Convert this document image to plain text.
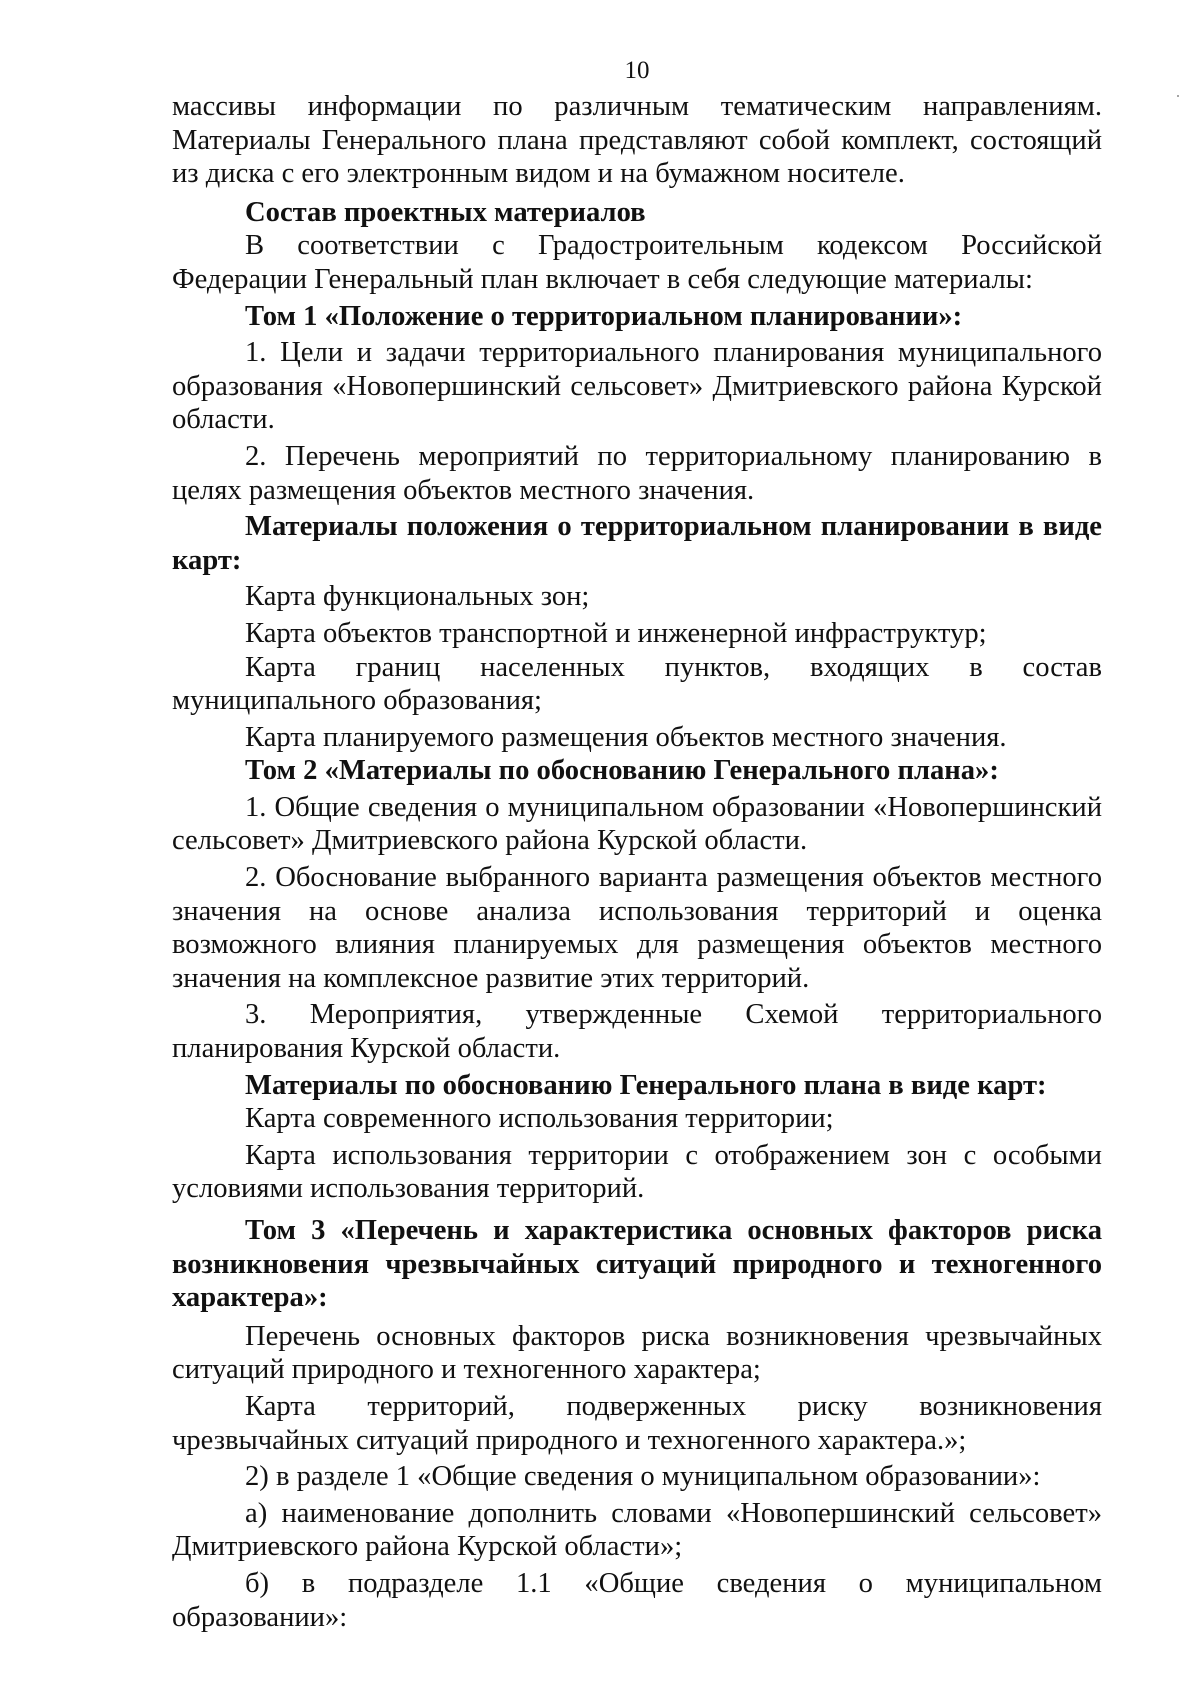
10

массивы информации по различным тематическим направлениям. Материалы Генерального плана представляют собой комплект, состоящий из диска с его электронным видом и на бумажном носителе.

Состав проектных материалов

В соответствии с Градостроительным кодексом Российской Федерации Генеральный план включает в себя следующие материалы:

Том 1 «Положение о территориальном планировании»:

1. Цели и задачи территориального планирования муниципального образования «Новопершинский сельсовет» Дмитриевского района Курской области.

2. Перечень мероприятий по территориальному планированию в целях размещения объектов местного значения.

Материалы положения о территориальном планировании в виде карт:

Карта функциональных зон;

Карта объектов транспортной и инженерной инфраструктур;

Карта границ населенных пунктов, входящих в состав муниципального образования;

Карта планируемого размещения объектов местного значения.

Том 2 «Материалы по обоснованию Генерального плана»:

1. Общие сведения о муниципальном образовании «Новопершинский сельсовет» Дмитриевского района Курской области.

2. Обоснование выбранного варианта размещения объектов местного значения на основе анализа использования территорий и оценка возможного влияния планируемых для размещения объектов местного значения на комплексное развитие этих территорий.

3. Мероприятия, утвержденные Схемой территориального планирования Курской области.

Материалы по обоснованию Генерального плана в виде карт:

Карта современного использования территории;

Карта использования территории с отображением зон с особыми условиями использования территорий.

Том 3 «Перечень и характеристика основных факторов риска возникновения чрезвычайных ситуаций природного и техногенного характера»:

Перечень основных факторов риска возникновения чрезвычайных ситуаций природного и техногенного характера;

Карта территорий, подверженных риску возникновения чрезвычайных ситуаций природного и техногенного характера.»;

2) в разделе 1 «Общие сведения о муниципальном образовании»:

а) наименование дополнить словами «Новопершинский сельсовет» Дмитриевского района Курской области»;

б) в подразделе 1.1 «Общие сведения о муниципальном образовании»:
